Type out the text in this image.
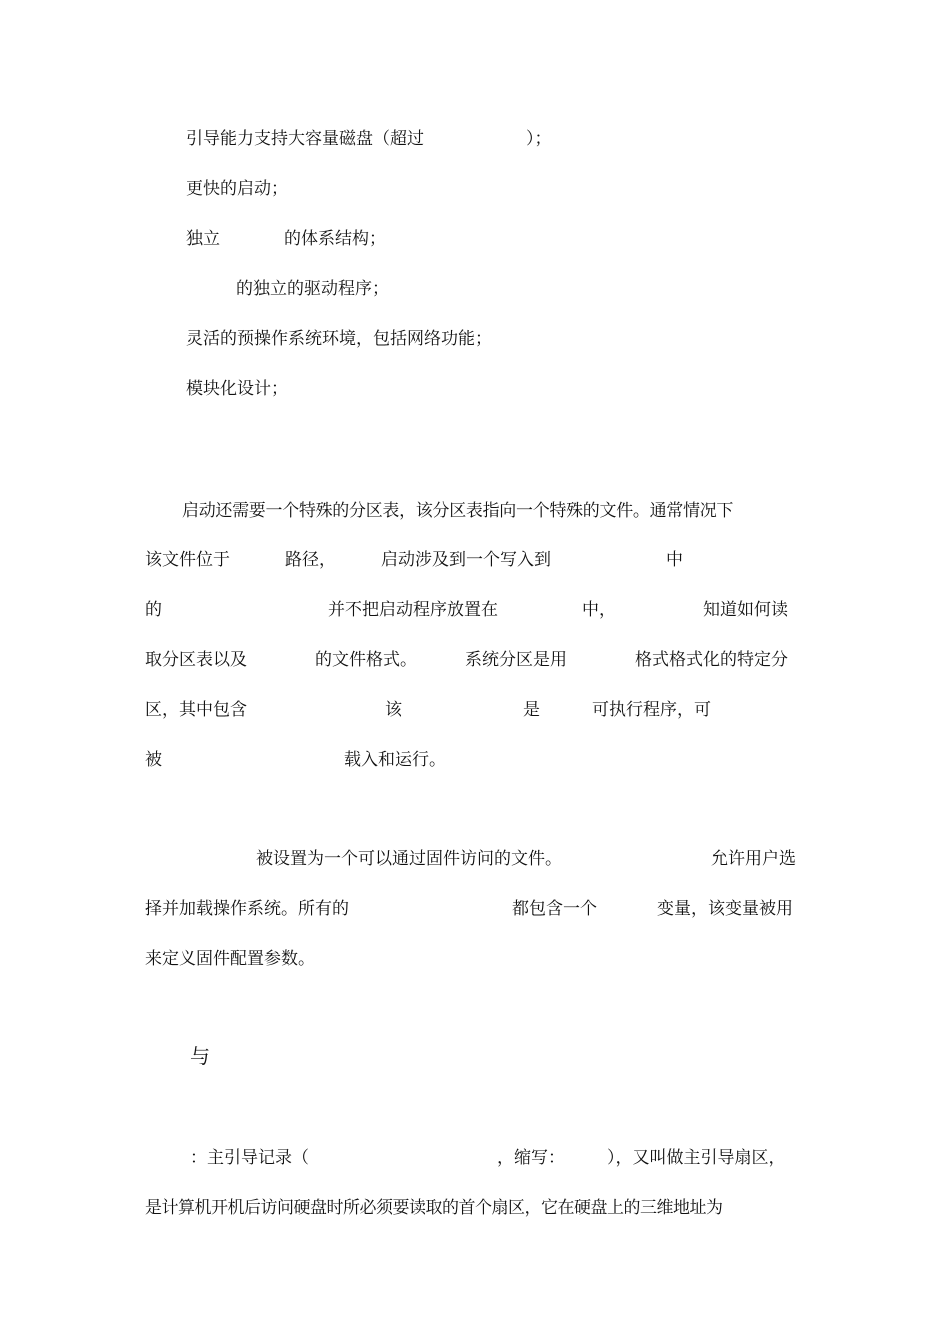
引导能力支持大容量磁盘（超过

	）；

更快的启动；

独立

	的体系结构；

的独立的驱动程序；

灵活的预操作系统环境，包括网络功能；

模块化设计；

启动还需要一个特殊的分区表，该分区表指向一个特殊的文件。通常情况下

该文件位于

	路径，

	启动涉及到一个写入到

	中

的

	并不把启动程序放置在

	中，

	知道如何读

取分区表以及

	的文件格式。

	系统分区是用

	格式格式化的特定分

区，其中包含

	该

	是

	可执行程序，可

被

	载入和运行。

被设置为一个可以通过固件访问的文件。

	允许用户选

择并加载操作系统。所有的

	都包含一个

	变量，该变量被用

来定义固件配置参数。

与

：主引导记录（

	，缩写：

），又叫做主引导扇区，

是计算机开机后访问硬盘时所必须要读取的首个扇区，它在硬盘上的三维地址为
